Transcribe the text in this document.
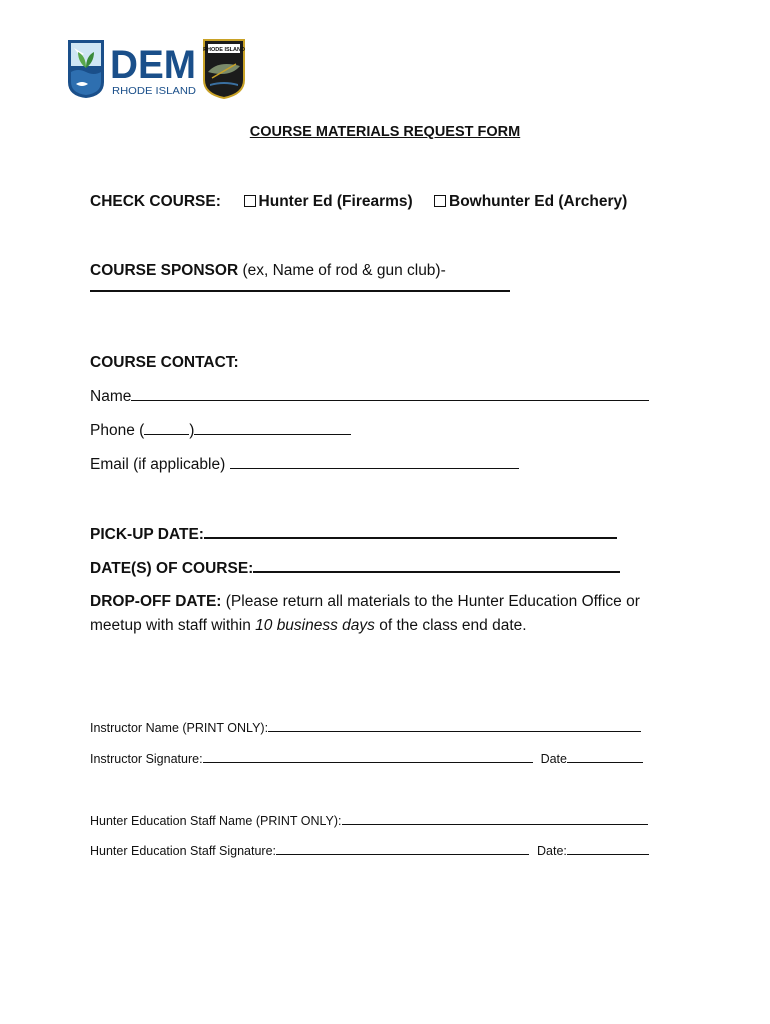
DEM
RHODE ISLAND
RHODE ISLAND
COURSE MATERIALS REQUEST FORM
CHECK COURSE: Hunter Ed (Firearms)	Bowhunter Ed (Archery)
COURSE SPONSOR (ex, Name of rod & gun club)-
COURSE CONTACT:
Name
Phone (	)
Email (if applicable)
PICK-UP DATE:
DATE(S) OF COURSE:
DROP-OFF DATE: (Please return all materials to the Hunter Education Office or
meetup with staff within 10 business days of the class end date.
Instructor Name (PRINT ONLY):
Instructor Signature:	Date
Hunter Education Staff Name (PRINT ONLY):
Hunter Education Staff Signature:	Date:
